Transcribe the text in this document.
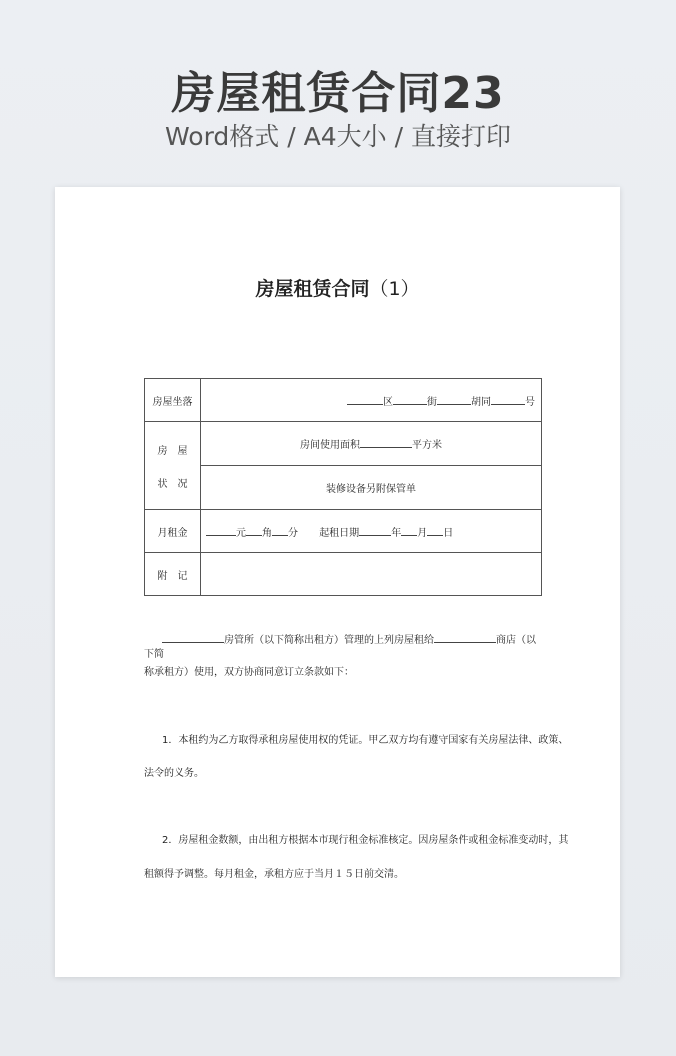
房屋租赁合同23
Word格式 / A4大小 / 直接打印
房屋租赁合同（1）
房屋坐落	区 街 胡同 号

房　屋
状　况	房间使用面积 平方米
	装修设备另附保管单
月租金	元 角 分 起租日期 年 月 日
附　记	
房管所（以下简称出租方）管理的上列房屋租给	商店（以下简
称承租方）使用，双方协商同意订立条款如下：
1．本租约为乙方取得承租房屋使用权的凭证。甲乙双方均有遵守国家有关房屋法律、政策、
法令的义务。
2．房屋租金数额，由出租方根据本市现行租金标准核定。因房屋条件或租金标准变动时，其
租额得予调整。每月租金，承租方应于当月１５日前交清。
